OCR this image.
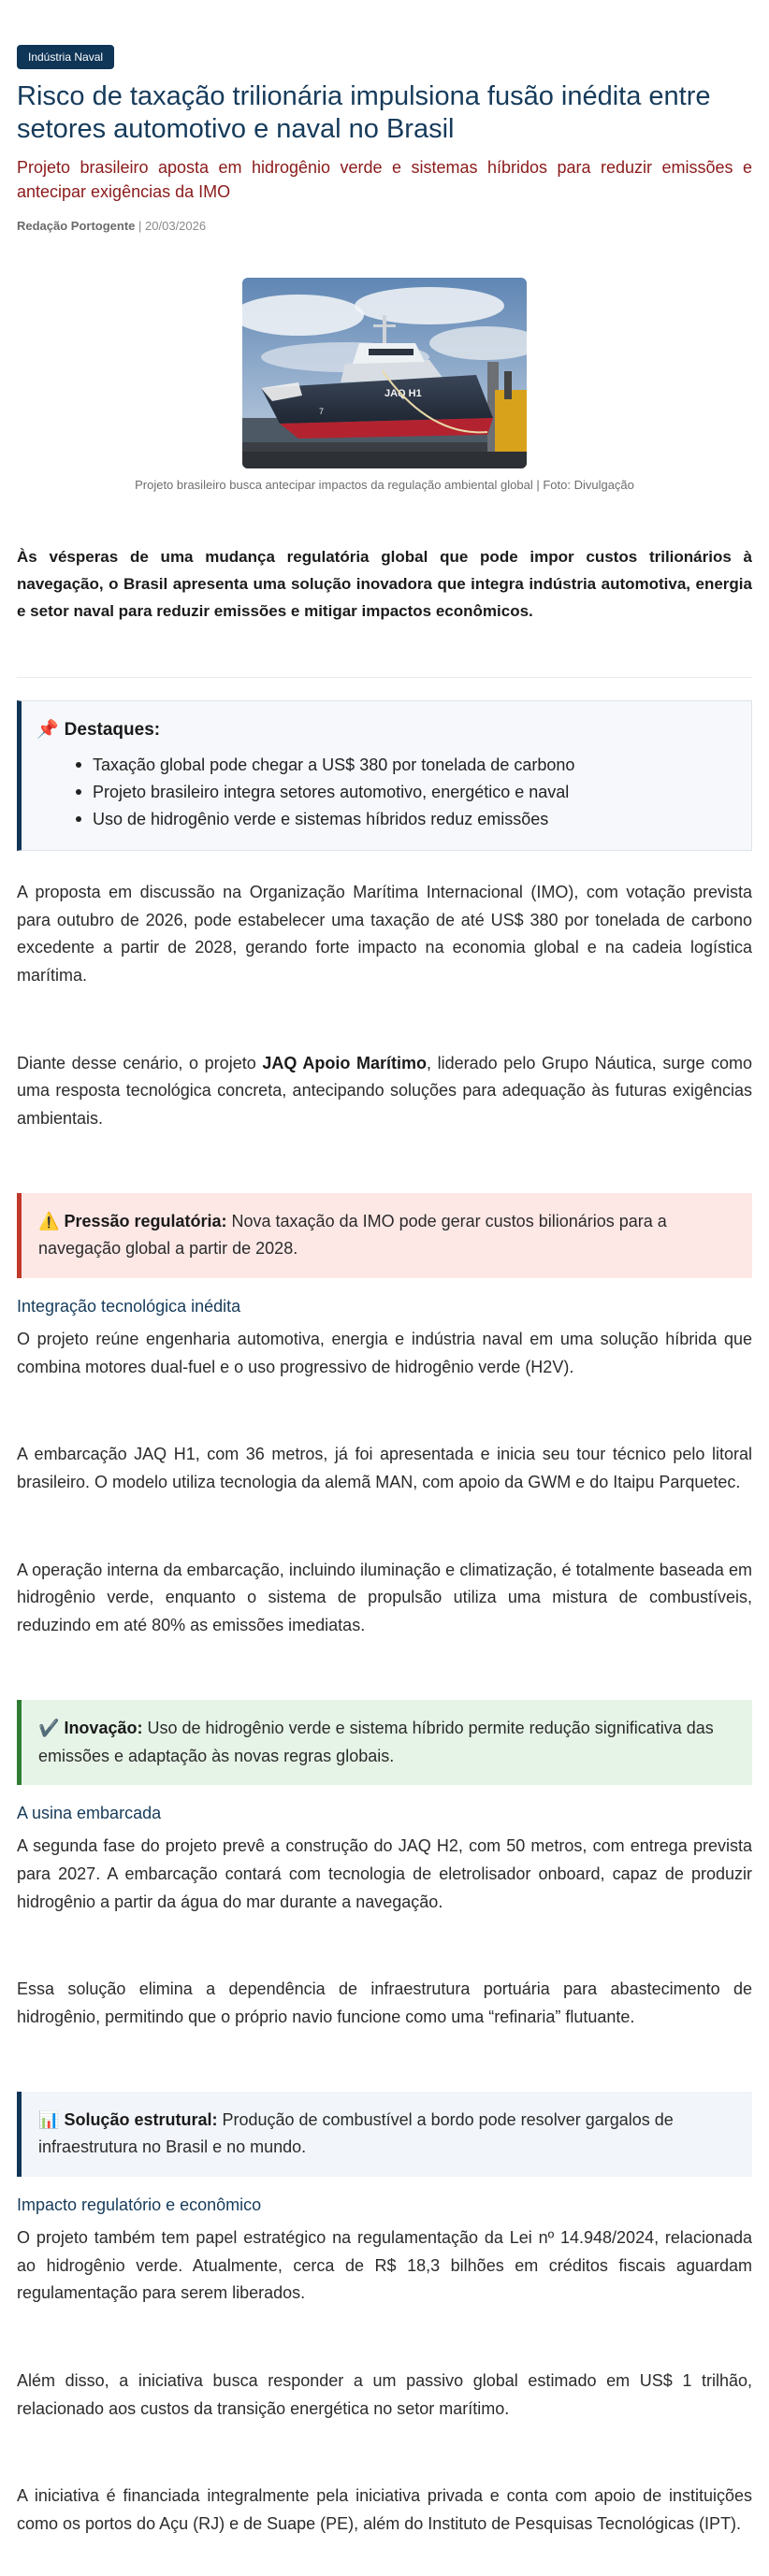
Indústria Naval
Risco de taxação trilionária impulsiona fusão inédita entre setores automotivo e naval no Brasil

Projeto brasileiro aposta em hidrogênio verde e sistemas híbridos para reduzir emissões e antecipar exigências da IMO

Redação Portogente | 20/03/2026
JAQ H1
7
Projeto brasileiro busca antecipar impactos da regulação ambiental global | Foto: Divulgação

Às vésperas de uma mudança regulatória global que pode impor custos trilionários à navegação, o Brasil apresenta uma solução inovadora que integra indústria automotiva, energia e setor naval para reduzir emissões e mitigar impactos econômicos.

📌 Destaques:
Taxação global pode chegar a US$ 380 por tonelada de carbono
Projeto brasileiro integra setores automotivo, energético e naval
Uso de hidrogênio verde e sistemas híbridos reduz emissões

A proposta em discussão na Organização Marítima Internacional (IMO), com votação prevista para outubro de 2026, pode estabelecer uma taxação de até US$ 380 por tonelada de carbono excedente a partir de 2028, gerando forte impacto na economia global e na cadeia logística marítima.

Diante desse cenário, o projeto JAQ Apoio Marítimo, liderado pelo Grupo Náutica, surge como uma resposta tecnológica concreta, antecipando soluções para adequação às futuras exigências ambientais.

⚠️ Pressão regulatória: Nova taxação da IMO pode gerar custos bilionários para a navegação global a partir de 2028.
Integração tecnológica inédita

O projeto reúne engenharia automotiva, energia e indústria naval em uma solução híbrida que combina motores dual-fuel e o uso progressivo de hidrogênio verde (H2V).

A embarcação JAQ H1, com 36 metros, já foi apresentada e inicia seu tour técnico pelo litoral brasileiro. O modelo utiliza tecnologia da alemã MAN, com apoio da GWM e do Itaipu Parquetec.

A operação interna da embarcação, incluindo iluminação e climatização, é totalmente baseada em hidrogênio verde, enquanto o sistema de propulsão utiliza uma mistura de combustíveis, reduzindo em até 80% as emissões imediatas.

✔️ Inovação: Uso de hidrogênio verde e sistema híbrido permite redução significativa das emissões e adaptação às novas regras globais.
A usina embarcada

A segunda fase do projeto prevê a construção do JAQ H2, com 50 metros, com entrega prevista para 2027. A embarcação contará com tecnologia de eletrolisador onboard, capaz de produzir hidrogênio a partir da água do mar durante a navegação.

Essa solução elimina a dependência de infraestrutura portuária para abastecimento de hidrogênio, permitindo que o próprio navio funcione como uma “refinaria” flutuante.

📊 Solução estrutural: Produção de combustível a bordo pode resolver gargalos de infraestrutura no Brasil e no mundo.
Impacto regulatório e econômico

O projeto também tem papel estratégico na regulamentação da Lei nº 14.948/2024, relacionada ao hidrogênio verde. Atualmente, cerca de R$ 18,3 bilhões em créditos fiscais aguardam regulamentação para serem liberados.

Além disso, a iniciativa busca responder a um passivo global estimado em US$ 1 trilhão, relacionado aos custos da transição energética no setor marítimo.

A iniciativa é financiada integralmente pela iniciativa privada e conta com apoio de instituições como os portos do Açu (RJ) e de Suape (PE), além do Instituto de Pesquisas Tecnológicas (IPT).
